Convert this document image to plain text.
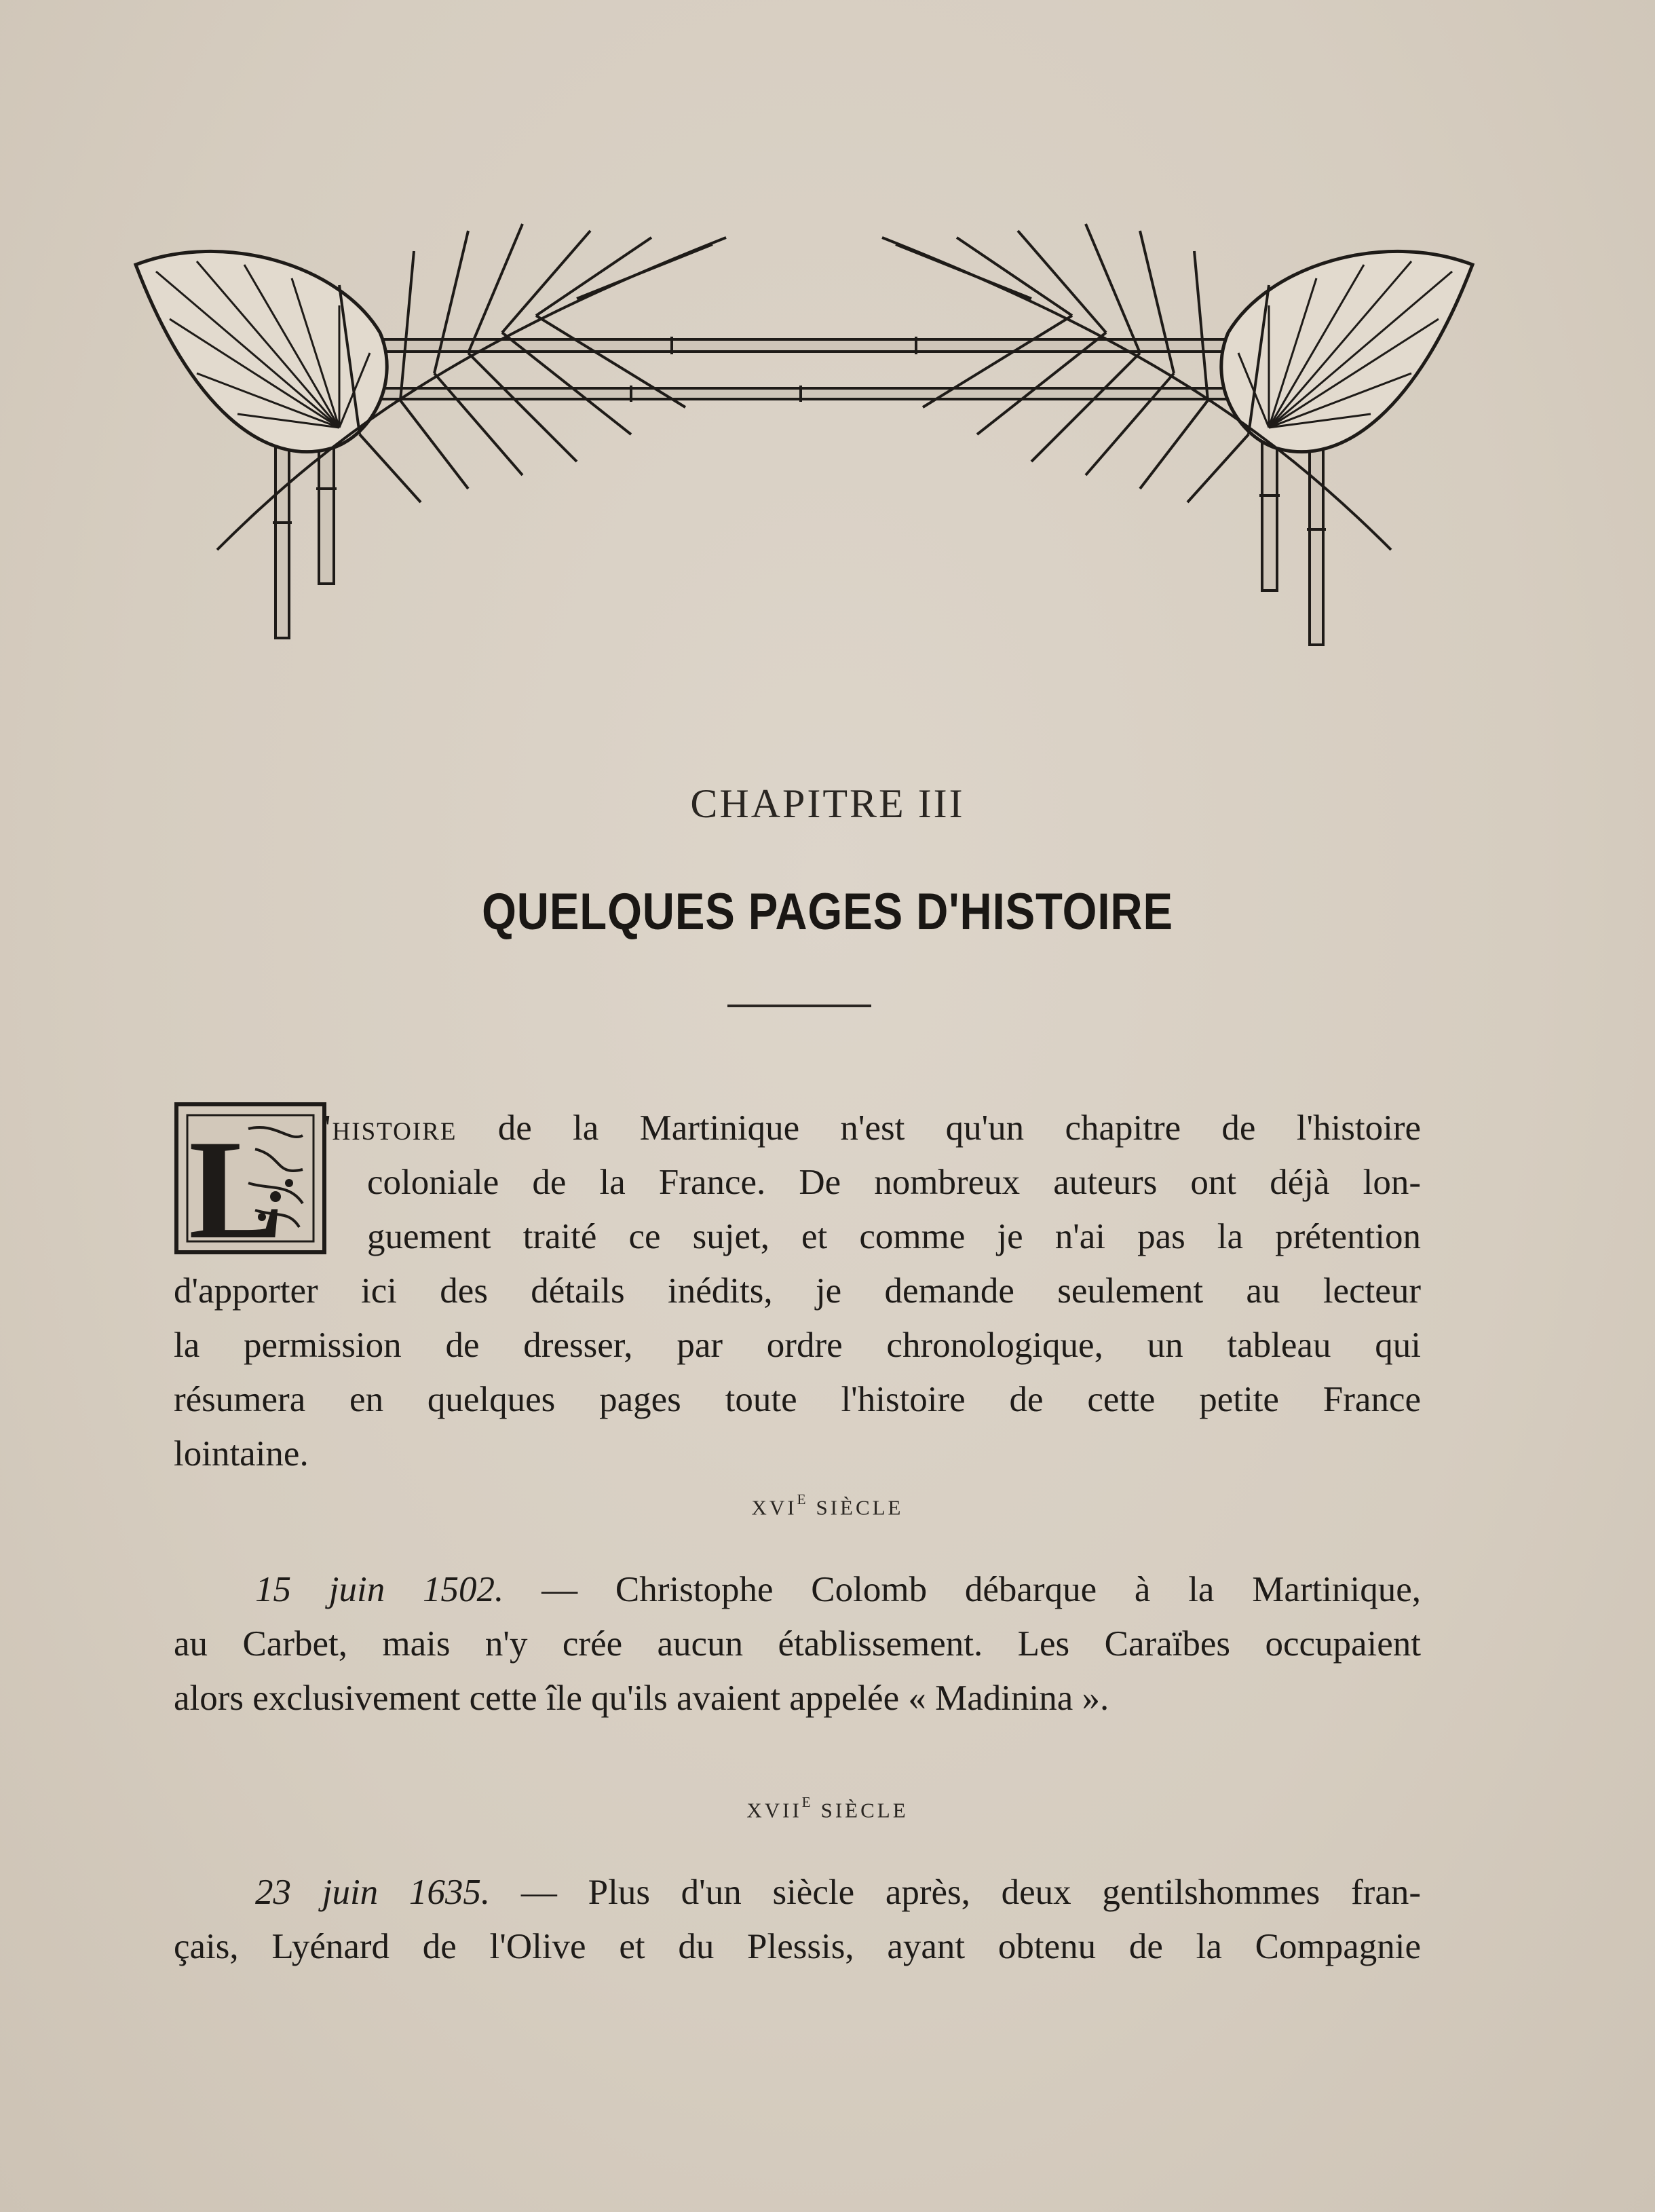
CHAPITRE III
QUELQUES PAGES D'HISTOIRE
L 'histoire de la Martinique n'est qu'un chapitre de l'histoire
coloniale de la France. De nombreux auteurs ont déjà lon-
guement traité ce sujet, et comme je n'ai pas la prétention
d'apporter ici des détails inédits, je demande seulement au lecteur
la permission de dresser, par ordre chronologique, un tableau qui
résumera en quelques pages toute l'histoire de cette petite France
lointaine.
xvi$^e$ siècle
15 juin 1502. — Christophe Colomb débarque à la Martinique,
au Carbet, mais n'y crée aucun établissement. Les Caraïbes occupaient
alors exclusivement cette île qu'ils avaient appelée « Madinina ».
xvii$^e$ siècle
23 juin 1635. — Plus d'un siècle après, deux gentilshommes fran-
çais, Lyénard de l'Olive et du Plessis, ayant obtenu de la Compagnie
